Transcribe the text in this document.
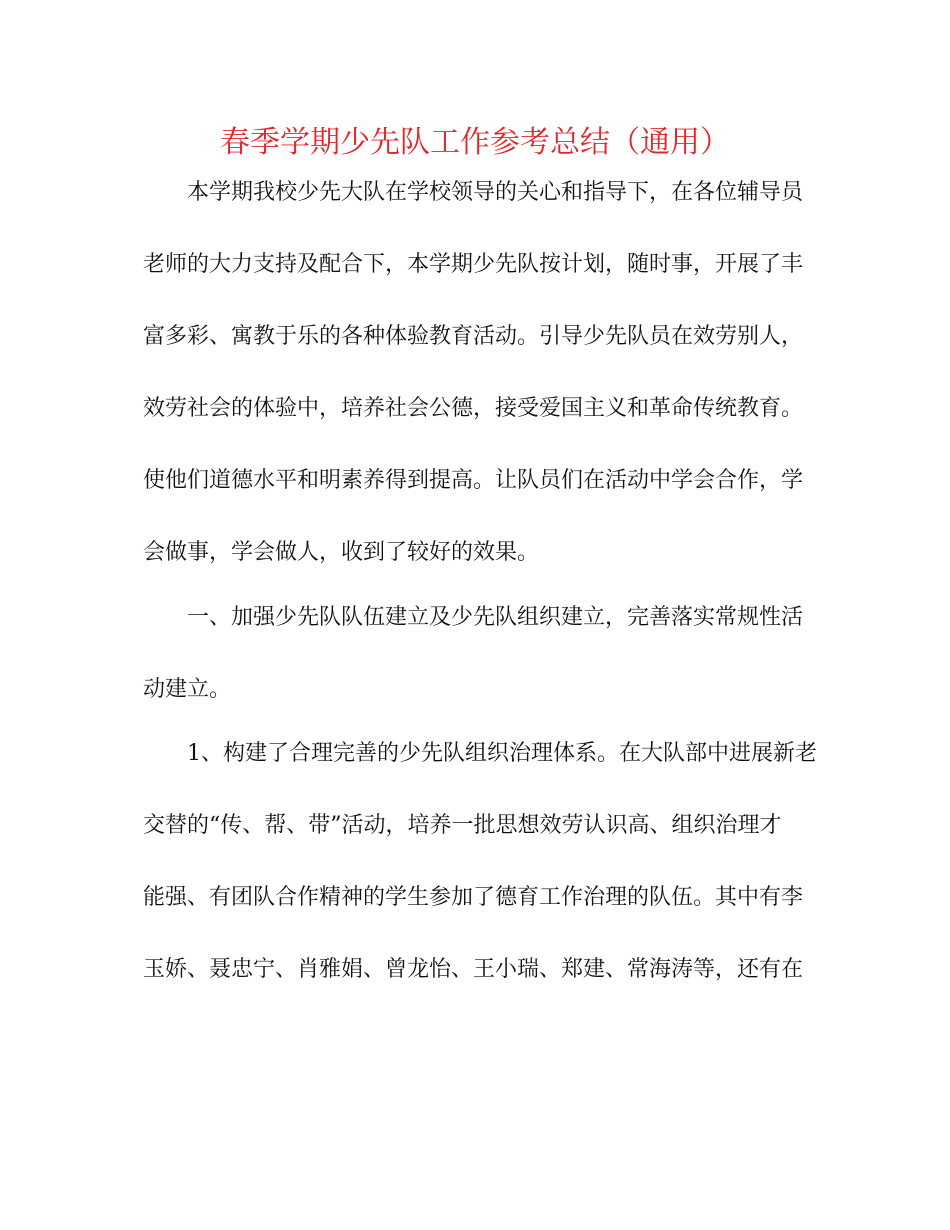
春季学期少先队工作参考总结（通用）
本学期我校少先大队在学校领导的关心和指导下，在各位辅导员
老师的大力支持及配合下，本学期少先队按计划，随时事，开展了丰
富多彩、寓教于乐的各种体验教育活动。引导少先队员在效劳别人，
效劳社会的体验中，培养社会公德，接受爱国主义和革命传统教育。
使他们道德水平和明素养得到提高。让队员们在活动中学会合作，学
会做事，学会做人，收到了较好的效果。
一、加强少先队队伍建立及少先队组织建立，完善落实常规性活
动建立。
1、构建了合理完善的少先队组织治理体系。在大队部中进展新老
交替的“传、帮、带”活动，培养一批思想效劳认识高、组织治理才
能强、有团队合作精神的学生参加了德育工作治理的队伍。其中有李
玉娇、聂忠宁、肖雅娟、曾龙怡、王小瑞、郑建、常海涛等，还有在
